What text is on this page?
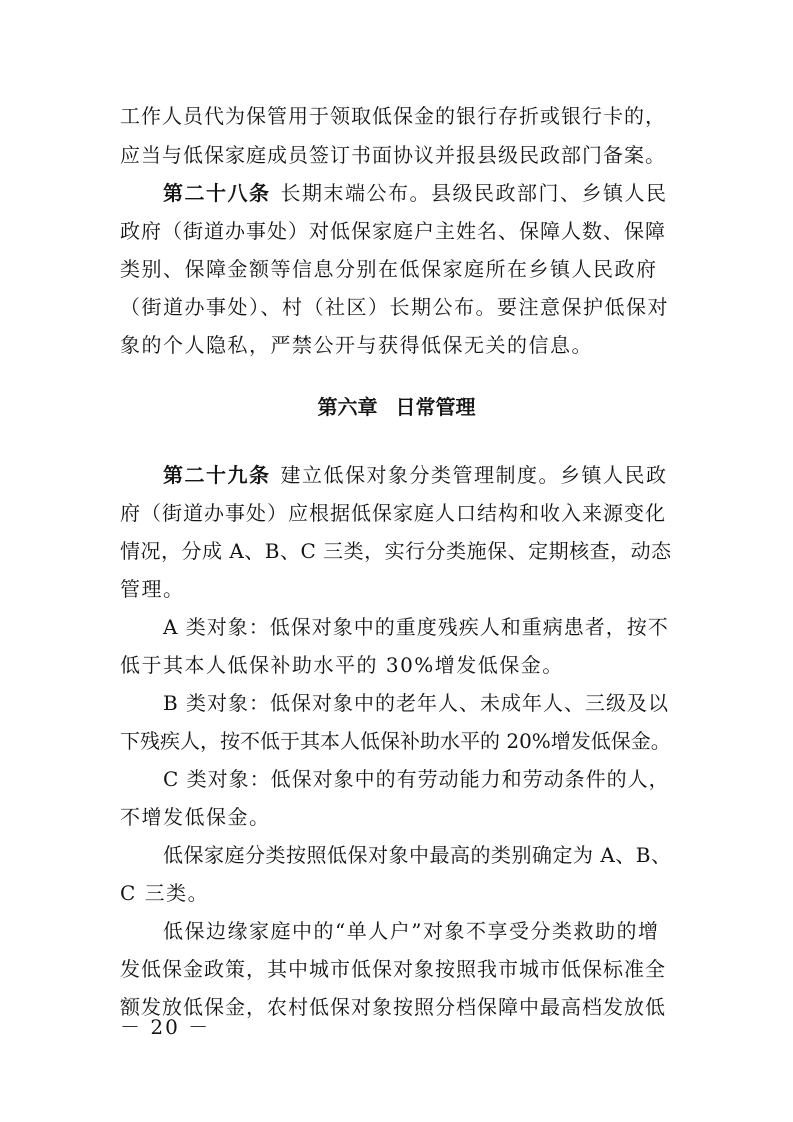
工作人员代为保管用于领取低保金的银行存折或银行卡的，

应当与低保家庭成员签订书面协议并报县级民政部门备案。

第二十八条 长期末端公布。县级民政部门、乡镇人民

政府（街道办事处）对低保家庭户主姓名、保障人数、保障

类别、保障金额等信息分别在低保家庭所在乡镇人民政府

（街道办事处）、村（社区）长期公布。要注意保护低保对

象的个人隐私，严禁公开与获得低保无关的信息。

第六章 日常管理

第二十九条 建立低保对象分类管理制度。乡镇人民政

府（街道办事处）应根据低保家庭人口结构和收入来源变化

情况，分成 A、B、C 三类，实行分类施保、定期核查，动态

管理。

A 类对象：低保对象中的重度残疾人和重病患者，按不

低于其本人低保补助水平的 30%增发低保金。

B 类对象：低保对象中的老年人、未成年人、三级及以

下残疾人，按不低于其本人低保补助水平的 20%增发低保金。

C 类对象：低保对象中的有劳动能力和劳动条件的人，

不增发低保金。

低保家庭分类按照低保对象中最高的类别确定为 A、B、

C 三类。

低保边缘家庭中的“单人户”对象不享受分类救助的增

发低保金政策，其中城市低保对象按照我市城市低保标准全

额发放低保金，农村低保对象按照分档保障中最高档发放低

－ 20 －
